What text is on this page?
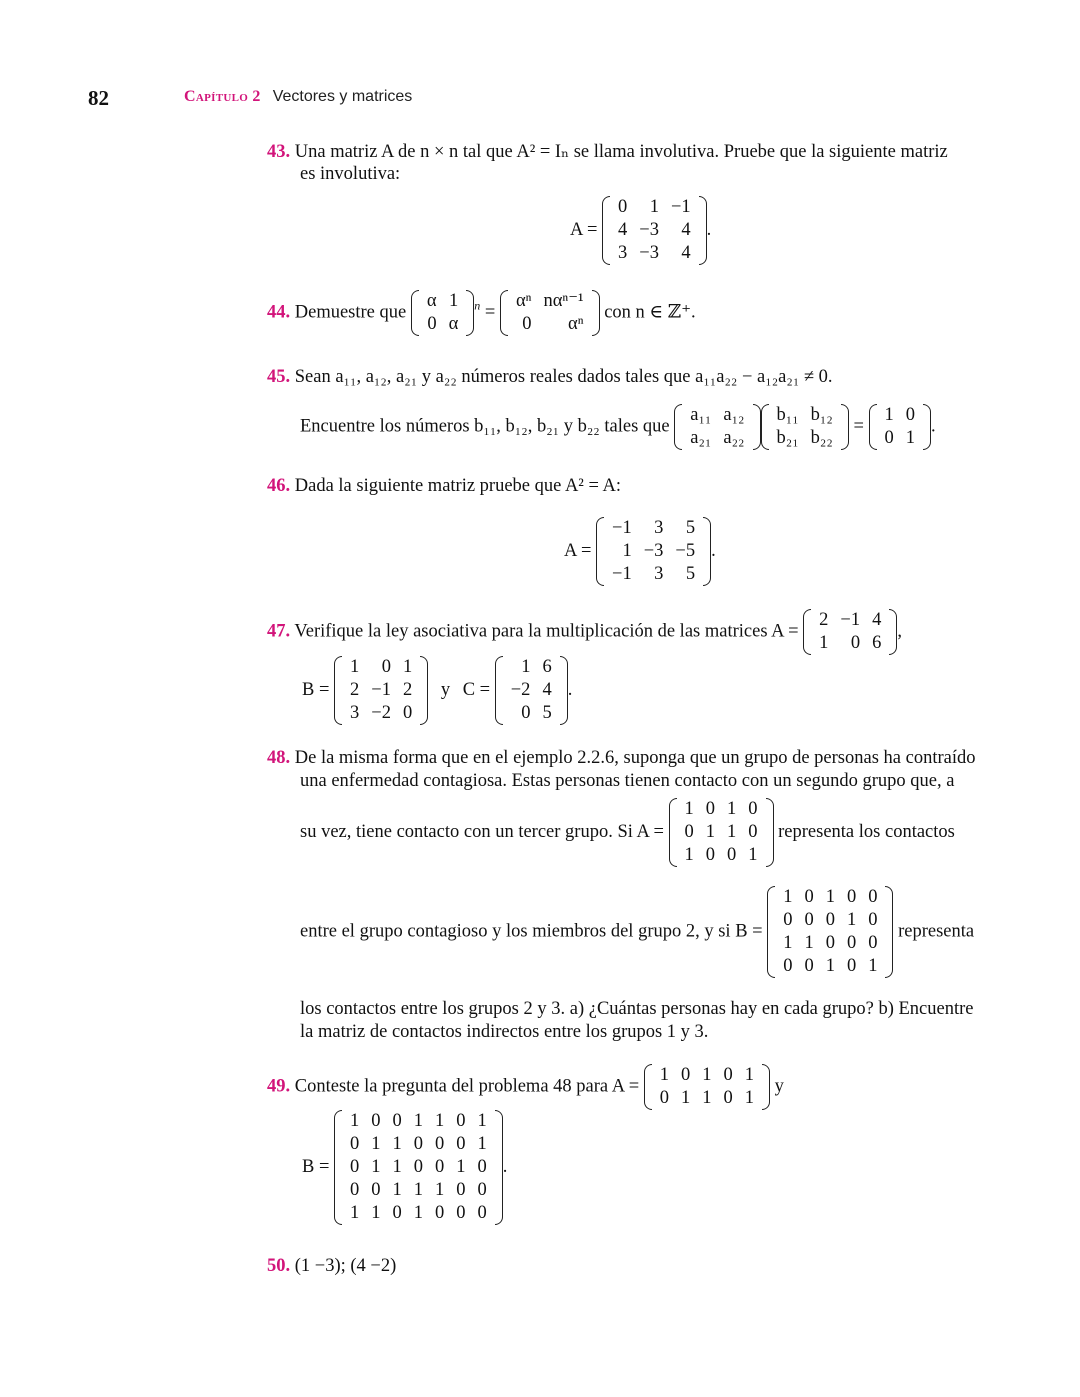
82	Capítulo 2 Vectores y matrices
43. Una matriz A de n × n tal que A² = Iₙ se llama involutiva. Pruebe que la siguiente matriz
es involutiva:
A =
0	1	−1
4	−3	4
3	−3	4
.
44. Demuestre que
α	1
0	α
$^n$ =
αⁿ	nαⁿ⁻¹
0	αⁿ
con n ∈ ℤ⁺.
45. Sean a₁₁, a₁₂, a₂₁ y a₂₂ números reales dados tales que a₁₁a₂₂ − a₁₂a₂₁ ≠ 0.
Encuentre los números b₁₁, b₁₂, b₂₁ y b₂₂ tales que
a₁₁	a₁₂
a₂₁	a₂₂
b₁₁	b₁₂
b₂₁	b₂₂
=
1	0
0	1
.
46. Dada la siguiente matriz pruebe que A² = A:
A =
−1	3	5
1	−3	−5
−1	3	5
.
47. Verifique la ley asociativa para la multiplicación de las matrices A =
2	−1	4
1	0	6
,
B =
1	0	1
2	−1	2
3	−2	0
y C =
1	6
−2	4
0	5
.
48. De la misma forma que en el ejemplo 2.2.6, suponga que un grupo de personas ha contraído
una enfermedad contagiosa. Estas personas tienen contacto con un segundo grupo que, a
su vez, tiene contacto con un tercer grupo. Si A =
1	0	1	0
0	1	1	0
1	0	0	1
representa los contactos
entre el grupo contagioso y los miembros del grupo 2, y si B =
1	0	1	0	0
0	0	0	1	0
1	1	0	0	0
0	0	1	0	1
representa
los contactos entre los grupos 2 y 3. a) ¿Cuántas personas hay en cada grupo? b) Encuentre
la matriz de contactos indirectos entre los grupos 1 y 3.
49. Conteste la pregunta del problema 48 para A =
1	0	1	0	1
0	1	1	0	1
y
B =
1	0	0	1	1	0	1
0	1	1	0	0	0	1
0	1	1	0	0	1	0
0	0	1	1	1	0	0
1	1	0	1	0	0	0
.
50. (1 −3); (4 −2)
